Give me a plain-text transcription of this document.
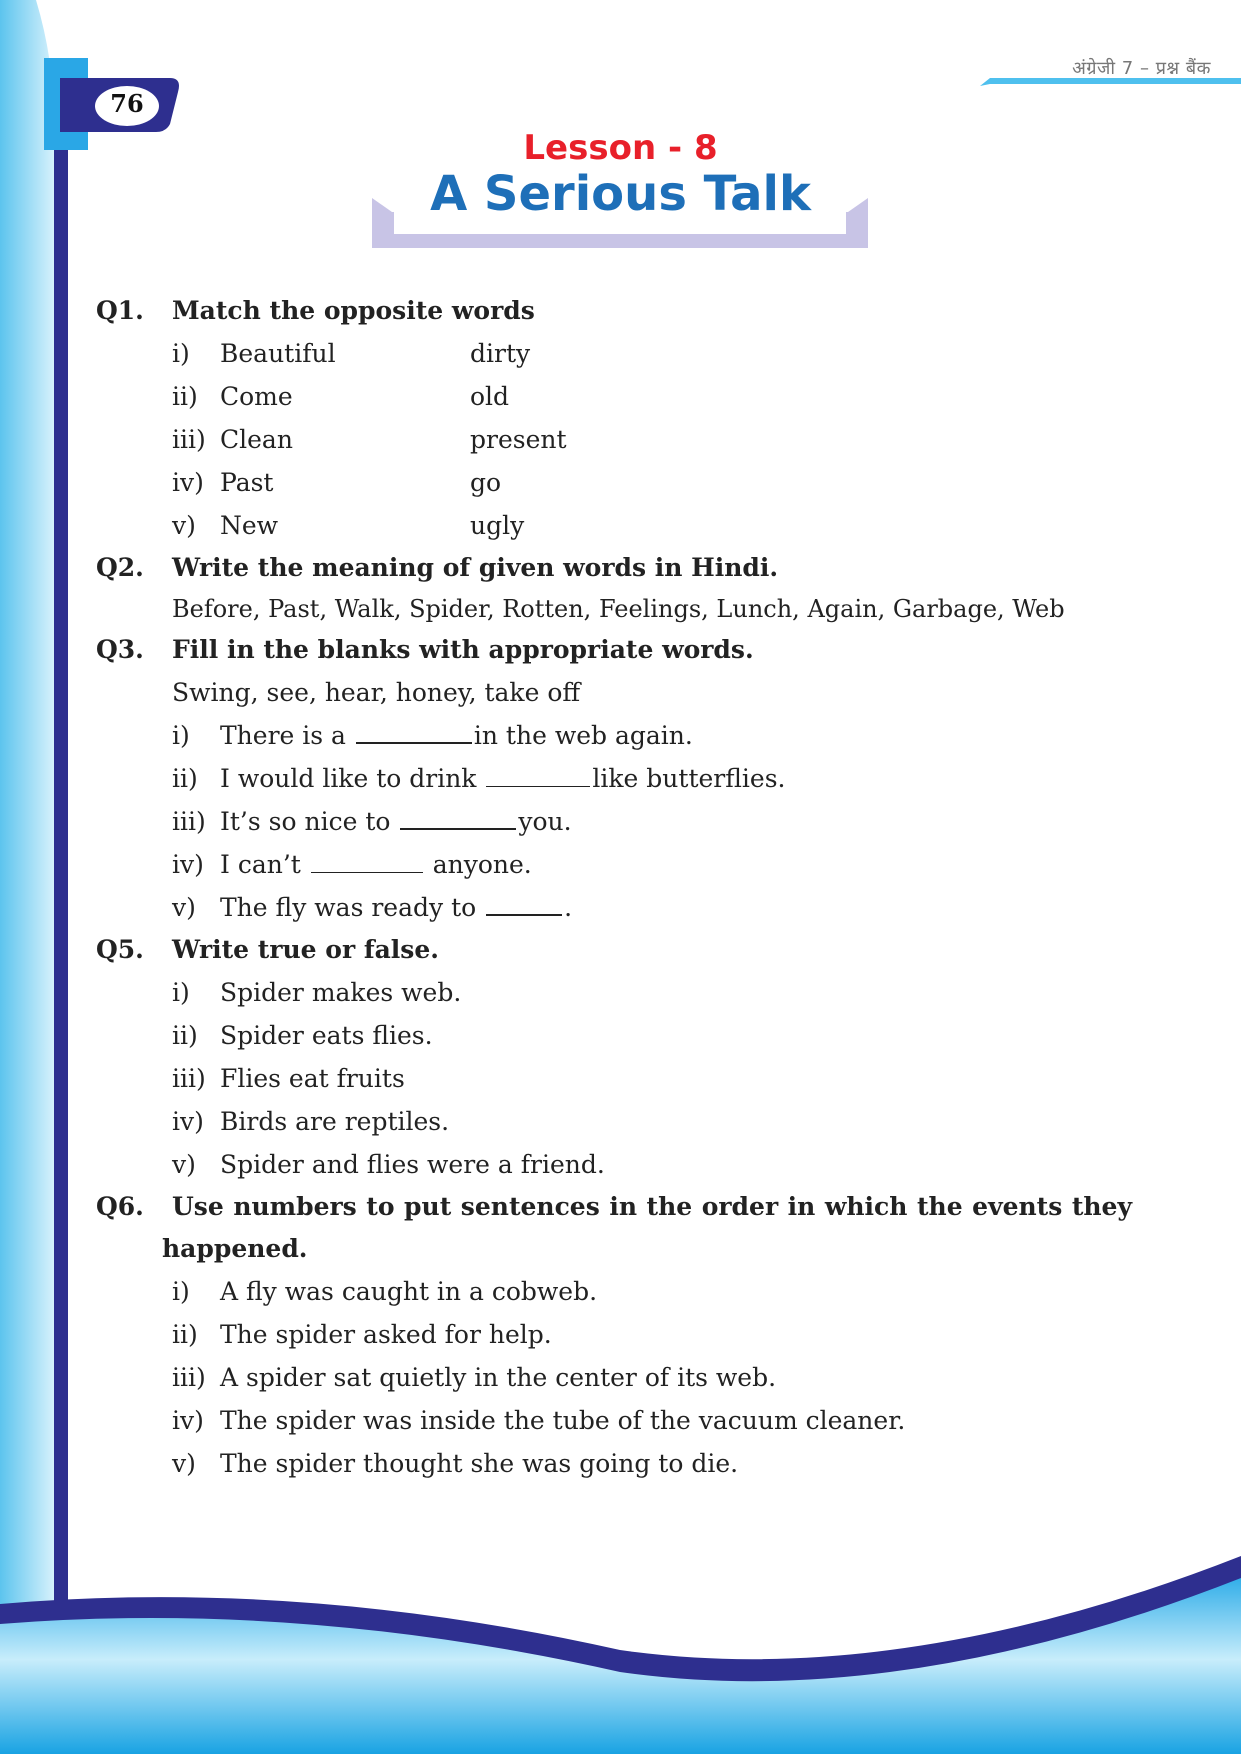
अंग्रेजी 7 – प्रश्न बैंक
76
Lesson - 8
A Serious Talk
Q1.	Match the opposite words
i)	Beautiful	dirty
ii) Come	old
iii) Clean	present
iv) Past	go
v) New	ugly
Q2.	Write the meaning of given words in Hindi.
Before, Past, Walk, Spider, Rotten, Feelings, Lunch, Again, Garbage, Web
Q3.	Fill in the blanks with appropriate words.
Swing, see, hear, honey, take off
i)	There is a	in the web again.
ii) I would like to drink	like butterflies.
iii) It’s so nice to	you.
iv) I can’t	anyone.
v) The fly was ready to	.
Q5.	Write true or false.
i)	Spider makes web.
ii) Spider eats flies.
iii) Flies eat fruits
iv) Birds are reptiles.
v) Spider and flies were a friend.
Q6. Use numbers to put sentences in the order in which the events they
happened.
i)	A fly was caught in a cobweb.
ii) The spider asked for help.
iii) A spider sat quietly in the center of its web.
iv) The spider was inside the tube of the vacuum cleaner.
v) The spider thought she was going to die.
